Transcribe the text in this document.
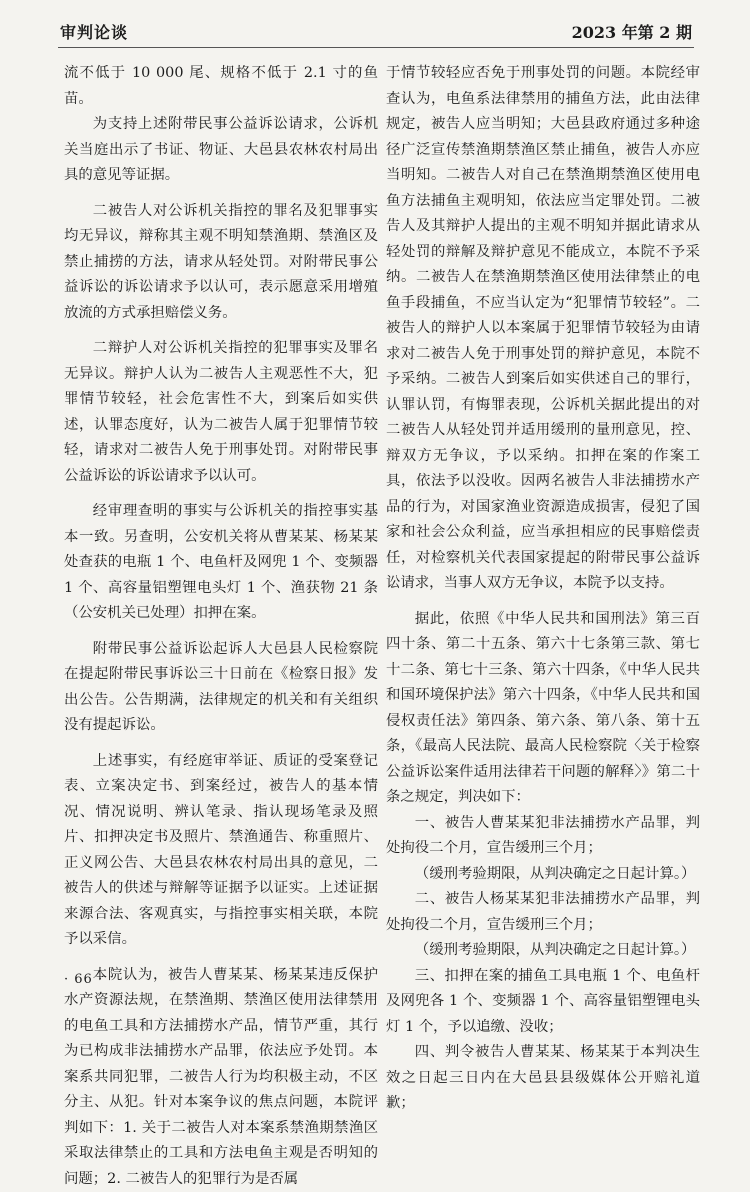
审判论谈	2023 年第 2 期

流不低于 10 000 尾、规格不低于 2.1 寸的鱼苗。

为支持上述附带民事公益诉讼请求，公诉机关当庭出示了书证、物证、大邑县农林农村局出具的意见等证据。

二被告人对公诉机关指控的罪名及犯罪事实均无异议，辩称其主观不明知禁渔期、禁渔区及禁止捕捞的方法，请求从轻处罚。对附带民事公益诉讼的诉讼请求予以认可，表示愿意采用增殖放流的方式承担赔偿义务。

二辩护人对公诉机关指控的犯罪事实及罪名无异议。辩护人认为二被告人主观恶性不大，犯罪情节较轻，社会危害性不大，到案后如实供述，认罪态度好，认为二被告人属于犯罪情节较轻，请求对二被告人免于刑事处罚。对附带民事公益诉讼的诉讼请求予以认可。

经审理查明的事实与公诉机关的指控事实基本一致。另查明，公安机关将从曹某某、杨某某处查获的电瓶 1 个、电鱼杆及网兜 1 个、变频器 1 个、高容量铝塑锂电头灯 1 个、渔获物 21 条（公安机关已处理）扣押在案。

附带民事公益诉讼起诉人大邑县人民检察院在提起附带民事诉讼三十日前在《检察日报》发出公告。公告期满，法律规定的机关和有关组织没有提起诉讼。

上述事实，有经庭审举证、质证的受案登记表、立案决定书、到案经过，被告人的基本情况、情况说明、辨认笔录、指认现场笔录及照片、扣押决定书及照片、禁渔通告、称重照片、正义网公告、大邑县农林农村局出具的意见，二被告人的供述与辩解等证据予以证实。上述证据来源合法、客观真实，与指控事实相关联，本院予以采信。

本院认为，被告人曹某某、杨某某违反保护水产资源法规，在禁渔期、禁渔区使用法律禁用的电鱼工具和方法捕捞水产品，情节严重，其行为已构成非法捕捞水产品罪，依法应予处罚。本案系共同犯罪，二被告人行为均积极主动，不区分主、从犯。针对本案争议的焦点问题，本院评判如下：1. 关于二被告人对本案系禁渔期禁渔区采取法律禁止的工具和方法电鱼主观是否明知的问题；2. 二被告人的犯罪行为是否属

于情节较轻应否免于刑事处罚的问题。本院经审查认为，电鱼系法律禁用的捕鱼方法，此由法律规定，被告人应当明知；大邑县政府通过多种途径广泛宣传禁渔期禁渔区禁止捕鱼，被告人亦应当明知。二被告人对自己在禁渔期禁渔区使用电鱼方法捕鱼主观明知，依法应当定罪处罚。二被告人及其辩护人提出的主观不明知并据此请求从轻处罚的辩解及辩护意见不能成立，本院不予采纳。二被告人在禁渔期禁渔区使用法律禁止的电鱼手段捕鱼，不应当认定为“犯罪情节较轻”。二被告人的辩护人以本案属于犯罪情节较轻为由请求对二被告人免于刑事处罚的辩护意见，本院不予采纳。二被告人到案后如实供述自己的罪行，认罪认罚，有悔罪表现，公诉机关据此提出的对二被告人从轻处罚并适用缓刑的量刑意见，控、辩双方无争议，予以采纳。扣押在案的作案工具，依法予以没收。因两名被告人非法捕捞水产品的行为，对国家渔业资源造成损害，侵犯了国家和社会公众利益，应当承担相应的民事赔偿责任，对检察机关代表国家提起的附带民事公益诉讼请求，当事人双方无争议，本院予以支持。

据此，依照《中华人民共和国刑法》第三百四十条、第二十五条、第六十七条第三款、第七十二条、第七十三条、第六十四条，《中华人民共和国环境保护法》第六十四条，《中华人民共和国侵权责任法》第四条、第六条、第八条、第十五条，《最高人民法院、最高人民检察院〈关于检察公益诉讼案件适用法律若干问题的解释〉》第二十条之规定，判决如下：

一、被告人曹某某犯非法捕捞水产品罪，判处拘役二个月，宣告缓刑三个月；

（缓刑考验期限，从判决确定之日起计算。）

二、被告人杨某某犯非法捕捞水产品罪，判处拘役二个月，宣告缓刑三个月；

（缓刑考验期限，从判决确定之日起计算。）

三、扣押在案的捕鱼工具电瓶 1 个、电鱼杆及网兜各 1 个、变频器 1 个、高容量铝塑锂电头灯 1 个，予以追缴、没收；

四、判令被告人曹某某、杨某某于本判决生效之日起三日内在大邑县县级媒体公开赔礼道歉；

· 66 ·
